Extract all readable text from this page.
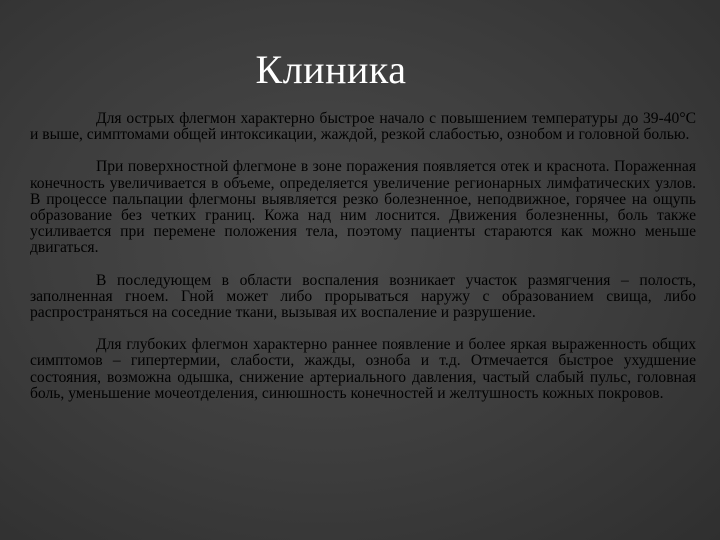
Клиника

Для острых флегмон характерно быстрое начало с повышением температуры до 39-40°С и выше, симптомами общей интоксикации, жаждой, резкой слабостью, ознобом и головной болью.

При поверхностной флегмоне в зоне поражения появляется отек и краснота. Пораженная конечность увеличивается в объеме, определяется увеличение регионарных лимфатических узлов. В процессе пальпации флегмоны выявляется резко болезненное, неподвижное, горячее на ощупь образование без четких границ. Кожа над ним лоснится. Движения болезненны, боль также усиливается при перемене положения тела, поэтому пациенты стараются как можно меньше двигаться.

В последующем в области воспаления возникает участок размягчения – полость, заполненная гноем. Гной может либо прорываться наружу с образованием свища, либо распространяться на соседние ткани, вызывая их воспаление и разрушение.

Для глубоких флегмон характерно раннее появление и более яркая выраженность общих симптомов – гипертермии, слабости, жажды, озноба и т.д. Отмечается быстрое ухудшение состояния, возможна одышка, снижение артериального давления, частый слабый пульс, головная боль, уменьшение мочеотделения, синюшность конечностей и желтушность кожных покровов.
